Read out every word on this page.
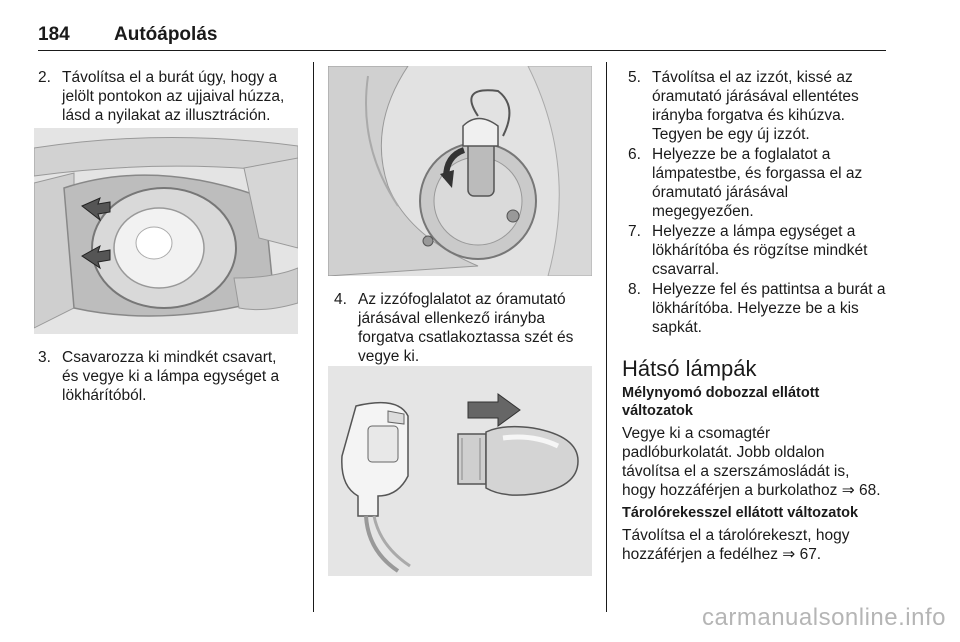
184 Autóápolás
2. Távolítsa el a burát úgy, hogy a
jelölt pontokon az ujjaival húzza,
lásd a nyilakat az illusztráción.
3. Csavarozza ki mindkét csavart,
és vegye ki a lámpa egységet a
lökhárítóból.
4. Az izzófoglalatot az óramutató
járásával ellenkező irányba
forgatva csatlakoztassa szét és
vegye ki.
5. Távolítsa el az izzót, kissé az
óramutató járásával ellentétes
irányba forgatva és kihúzva.
Tegyen be egy új izzót.
6. Helyezze be a foglalatot a
lámpatestbe, és forgassa el az
óramutató járásával
megegyezően.
7. Helyezze a lámpa egységet a
lökhárítóba és rögzítse mindkét
csavarral.
8. Helyezze fel és pattintsa a burát a
lökhárítóba. Helyezze be a kis
sapkát.
Hátsó lámpák
Mélynyomó dobozzal ellátott
változatok
Vegye ki a csomagtér
padlóburkolatát. Jobb oldalon
távolítsa el a szerszámosládát is,
hogy hozzáférjen a burkolathoz ⇒ 68.
Tárolórekesszel ellátott változatok
Távolítsa el a tárolórekeszt, hogy
hozzáférjen a fedélhez ⇒ 67.
carmanualsonline.info
